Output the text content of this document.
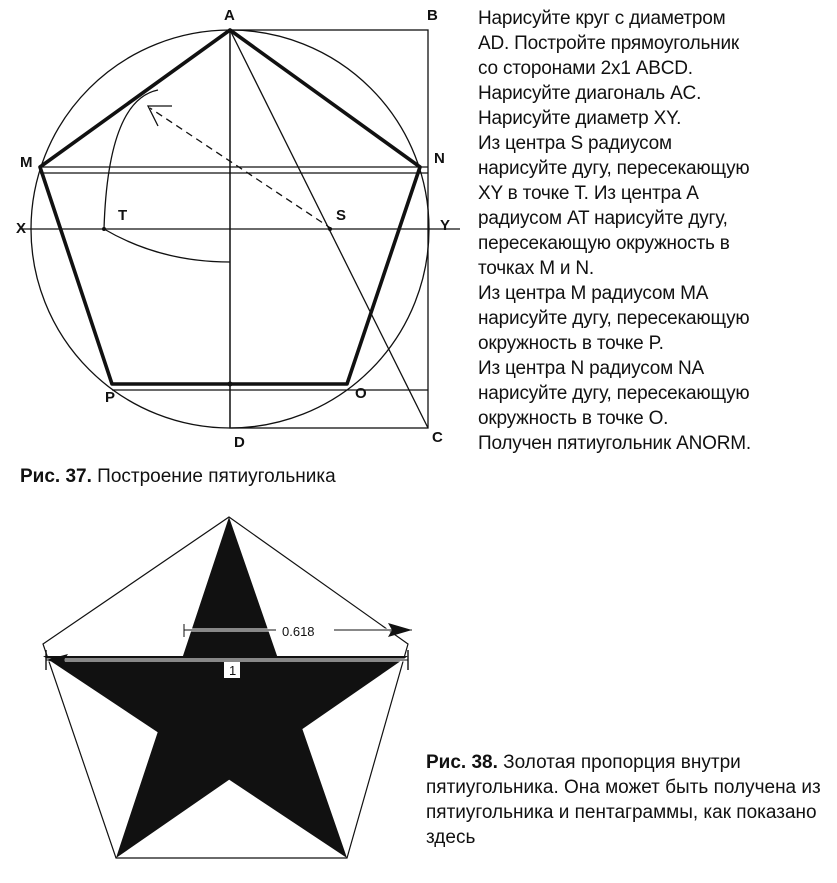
A	B
M	N
X
T	S
Y
P	O
D	C
Нарисуйте круг с диаметром
AD. Постройте прямоугольник
со сторонами 2х1 ABCD.
Нарисуйте диагональ AC.
Нарисуйте диаметр XY.
Из центра S радиусом
нарисуйте дугу, пересекающую
XY в точке T. Из центра A
радиусом AT нарисуйте дугу,
пересекающую окружность в
точках M и N.
Из центра M радиусом MA
нарисуйте дугу, пересекающую
окружность в точке P.
Из центра N радиусом NA
нарисуйте дугу, пересекающую
окружность в точке O.
Получен пятиугольник ANORM.

Рис. 37. Построение пятиугольника

0.618
1

Рис. 38. Золотая пропорция внутри пятиугольника. Она может быть получена из пятиугольника и пентаграммы, как показано здесь
